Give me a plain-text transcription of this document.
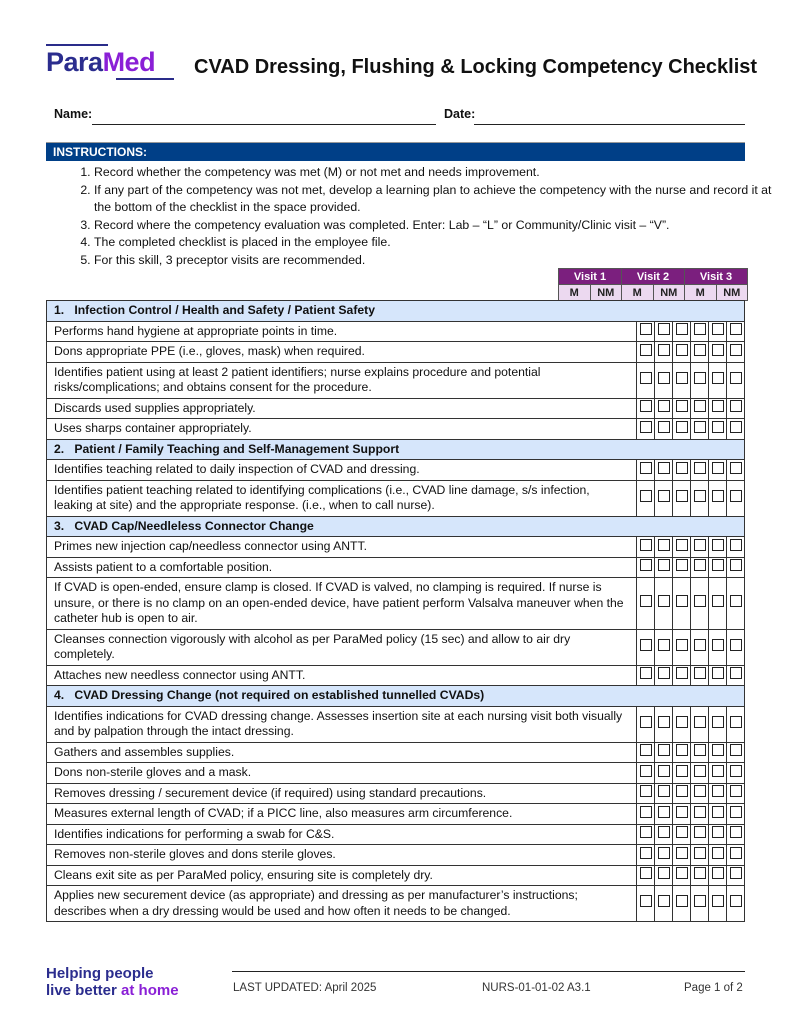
ParaMed	CVAD Dressing, Flushing & Locking Competency Checklist
Name:	Date:
INSTRUCTIONS:
1. Record whether the competency was met (M) or not met and needs improvement.
2. If any part of the competency was not met, develop a learning plan to achieve the competency with the nurse and record it at the bottom of the checklist in the space provided.
3. Record where the competency evaluation was completed. Enter: Lab – “L” or Community/Clinic visit – “V”.
4. The completed checklist is placed in the employee file.
5. For this skill, 3 preceptor visits are recommended.
Visit 1		Visit 2		Visit 3	
M	NM	M	NM	M	NM
1.   Infection Control / Health and Safety / Patient Safety						
Performs hand hygiene at appropriate points in time.						
Dons appropriate PPE (i.e., gloves, mask) when required.						
Identifies patient using at least 2 patient identifiers; nurse explains procedure and potential risks/complications; and obtains consent for the procedure.						
Discards used supplies appropriately.						
Uses sharps container appropriately.						
2.   Patient / Family Teaching and Self-Management Support						
Identifies teaching related to daily inspection of CVAD and dressing.						
Identifies patient teaching related to identifying complications (i.e., CVAD line damage, s/s infection, leaking at site) and the appropriate response. (i.e., when to call nurse).						
3.   CVAD Cap/Needleless Connector Change						
Primes new injection cap/needless connector using ANTT.						
Assists patient to a comfortable position.						
If CVAD is open-ended, ensure clamp is closed. If CVAD is valved, no clamping is required. If nurse is unsure, or there is no clamp on an open-ended device, have patient perform Valsalva maneuver when the catheter hub is open to air.						
Cleanses connection vigorously with alcohol as per ParaMed policy (15 sec) and allow to air dry completely.						
Attaches new needless connector using ANTT.						
4.   CVAD Dressing Change (not required on established tunnelled CVADs)						
Identifies indications for CVAD dressing change. Assesses insertion site at each nursing visit both visually and by palpation through the intact dressing.						
Gathers and assembles supplies.						
Dons non-sterile gloves and a mask.						
Removes dressing / securement device (if required) using standard precautions.						
Measures external length of CVAD; if a PICC line, also measures arm circumference.						
Identifies indications for performing a swab for C&S.						
Removes non-sterile gloves and dons sterile gloves.						
Cleans exit site as per ParaMed policy, ensuring site is completely dry.						
Applies new securement device (as appropriate) and dressing as per manufacturer’s instructions; describes when a dry dressing would be used and how often it needs to be changed.						
Helping people
live better at home	LAST UPDATED: April 2025	NURS-01-01-02 A3.1	Page 1 of 2
